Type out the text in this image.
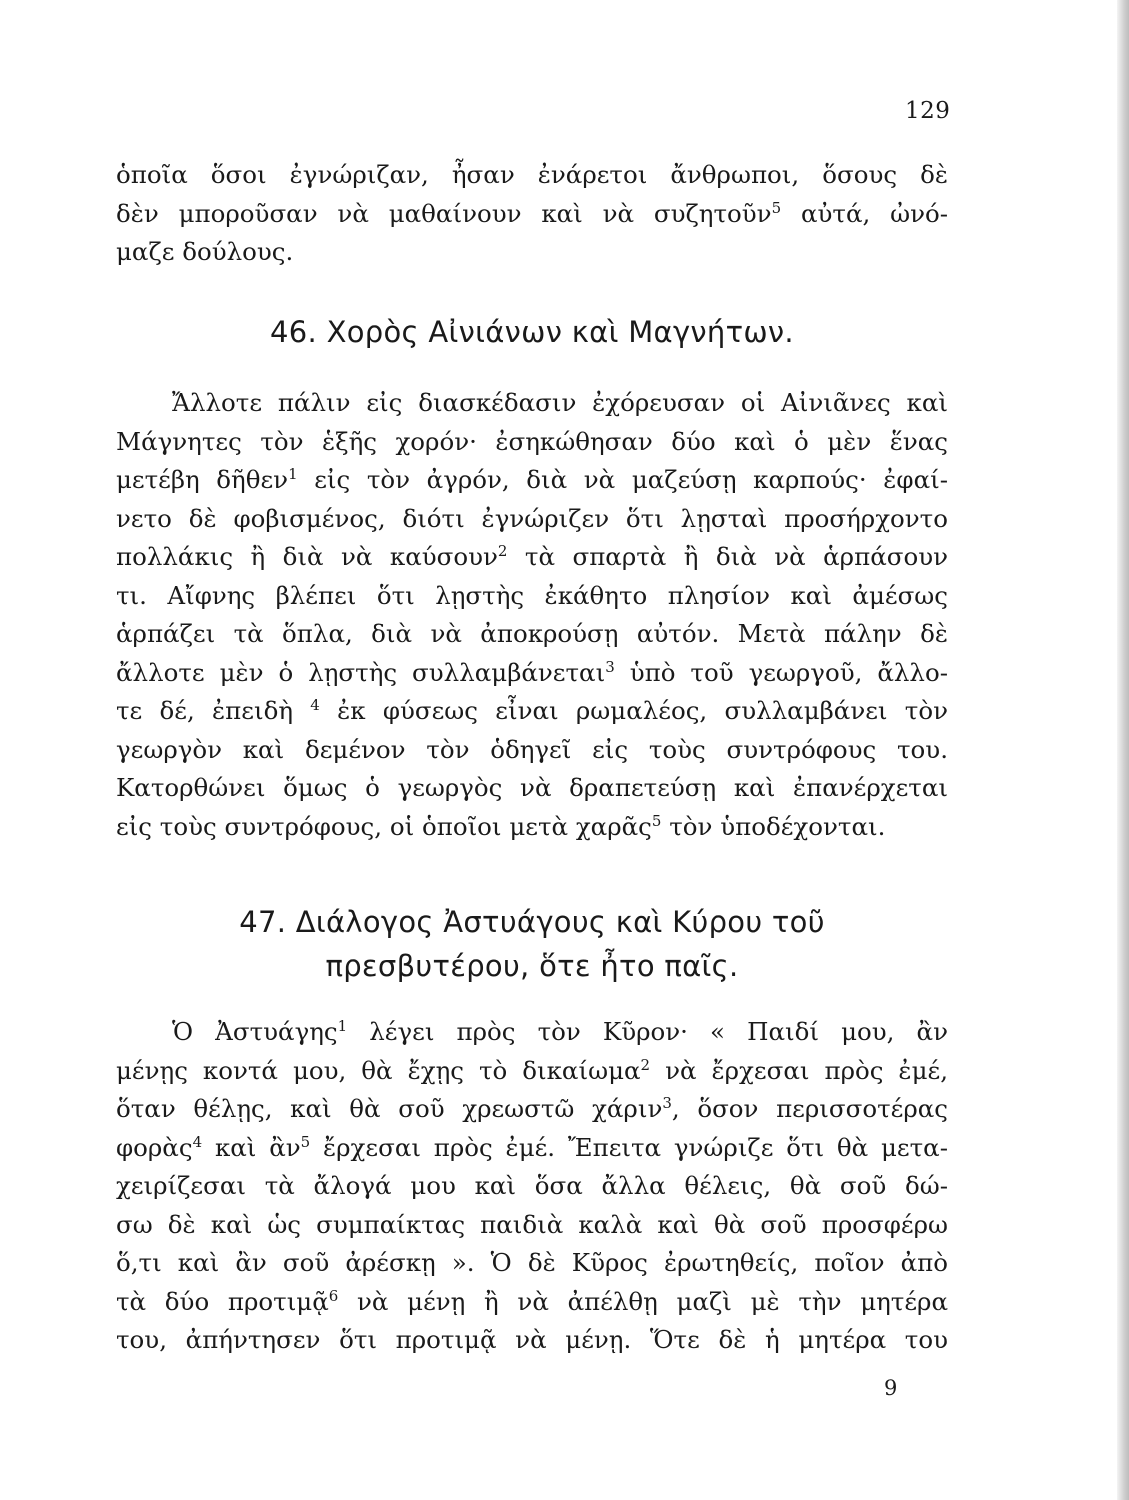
129
ὁποῖα ὅσοι ἐγνώριζαν, ἦσαν ἐνάρετοι ἄνθρωποι, ὅσους δὲ
δὲν μποροῦσαν νὰ μαθαίνουν καὶ νὰ συζητοῦν$^5$ αὐτά, ὠνό-
μαζε δούλους.
46. Χορὸς Αἰνιάνων καὶ Μαγνήτων.
Ἄλλοτε πάλιν εἰς διασκέδασιν ἐχόρευσαν οἱ Αἰνιᾶνες καὶ
Μάγνητες τὸν ἑξῆς χορόν· ἐσηκώθησαν δύο καὶ ὁ μὲν ἕνας
μετέβη δῆθεν$^1$ εἰς τὸν ἀγρόν, διὰ νὰ μαζεύσῃ καρπούς· ἐφαί-
νετο δὲ φοβισμένος, διότι ἐγνώριζεν ὅτι λῃσταὶ προσήρχοντο
πολλάκις ἢ διὰ νὰ καύσουν$^2$ τὰ σπαρτὰ ἢ διὰ νὰ ἁρπάσουν
τι. Αἴφνης βλέπει ὅτι λῃστὴς ἐκάθητο πλησίον καὶ ἀμέσως
ἁρπάζει τὰ ὅπλα, διὰ νὰ ἀποκρούσῃ αὐτόν. Μετὰ πάλην δὲ
ἄλλοτε μὲν ὁ λῃστὴς συλλαμβάνεται$^3$ ὑπὸ τοῦ γεωργοῦ, ἄλλο-
τε δέ, ἐπειδὴ $^4$ ἐκ φύσεως εἶναι ρωμαλέος, συλλαμβάνει τὸν
γεωργὸν καὶ δεμένον τὸν ὁδηγεῖ εἰς τοὺς συντρόφους του.
Κατορθώνει ὅμως ὁ γεωργὸς νὰ δραπετεύσῃ καὶ ἐπανέρχεται
εἰς τοὺς συντρόφους, οἱ ὁποῖοι μετὰ χαρᾶς$^5$ τὸν ὑποδέχονται.
47. Διάλογος Ἀστυάγους καὶ Κύρου τοῦ
πρεσβυτέρου, ὅτε ἦτο παῖς.
Ὁ Ἀστυάγης$^1$ λέγει πρὸς τὸν Κῦρον· « Παιδί μου, ἂν
μένῃς κοντά μου, θὰ ἔχῃς τὸ δικαίωμα$^2$ νὰ ἔρχεσαι πρὸς ἐμέ,
ὅταν θέλῃς, καὶ θὰ σοῦ χρεωστῶ χάριν$^3$, ὅσον περισσοτέρας
φορὰς$^4$ καὶ ἂν$^5$ ἔρχεσαι πρὸς ἐμέ. Ἔπειτα γνώριζε ὅτι θὰ μετα-
χειρίζεσαι τὰ ἄλογά μου καὶ ὅσα ἄλλα θέλεις, θὰ σοῦ δώ-
σω δὲ καὶ ὡς συμπαίκτας παιδιὰ καλὰ καὶ θὰ σοῦ προσφέρω
ὅ,τι καὶ ἂν σοῦ ἀρέσκῃ ». Ὁ δὲ Κῦρος ἐρωτηθείς, ποῖον ἀπὸ
τὰ δύο προτιμᾷ$^6$ νὰ μένῃ ἢ νὰ ἀπέλθῃ μαζὶ μὲ τὴν μητέρα
του, ἀπήντησεν ὅτι προτιμᾷ νὰ μένῃ. Ὅτε δὲ ἡ μητέρα του
9
